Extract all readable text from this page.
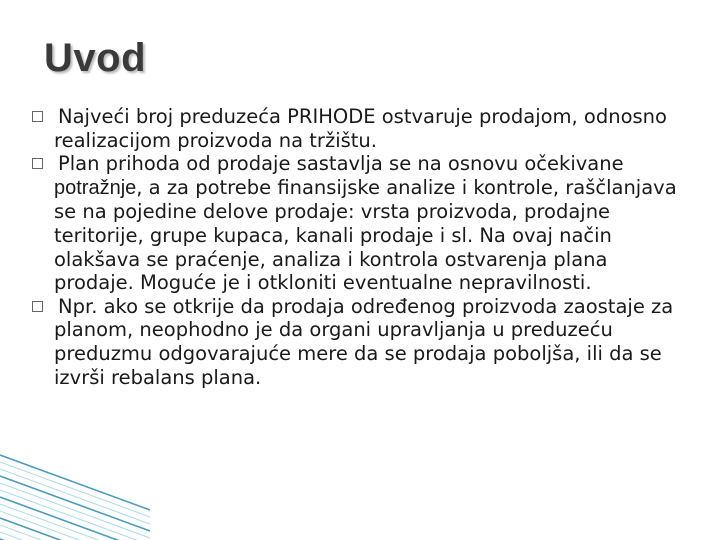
Uvod

Najveći broj preduzeća PRIHODE ostvaruje prodajom, odnosno realizacijom proizvoda na tržištu.

Plan prihoda od prodaje sastavlja se na osnovu očekivane potražnje, a za potrebe finansijske analize i kontrole, raščlanjava se na pojedine delove prodaje: vrsta proizvoda, prodajne teritorije, grupe kupaca, kanali prodaje i sl. Na ovaj način olakšava se praćenje, analiza i kontrola ostvarenja plana prodaje. Moguće je i otkloniti eventualne nepravilnosti.

Npr. ako se otkrije da prodaja određenog proizvoda zaostaje za planom, neophodno je da organi upravljanja u preduzeću preduzmu odgovarajuće mere da se prodaja poboljša, ili da se izvrši rebalans plana.
